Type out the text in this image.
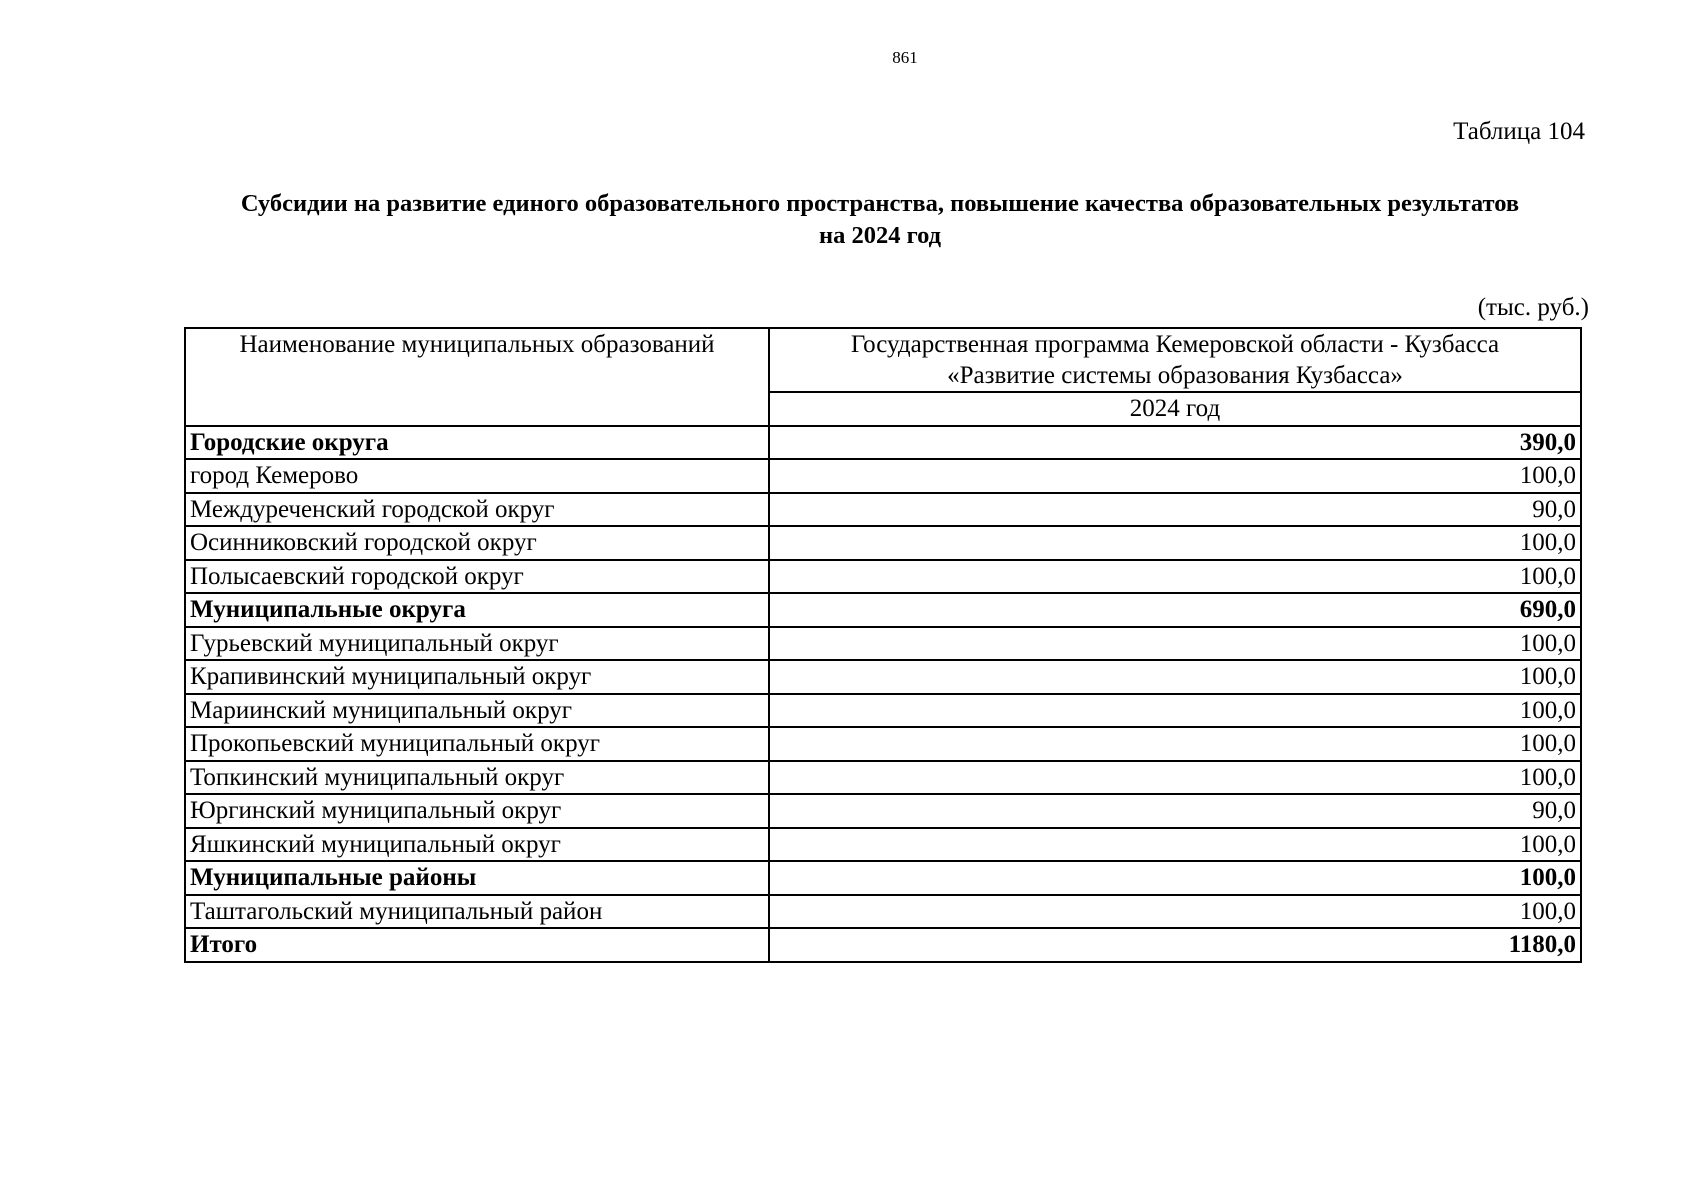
861
Таблица 104
Субсидии на развитие единого образовательного пространства, повышение качества образовательных результатов
на 2024 год
(тыс. руб.)
Наименование муниципальных образований	Государственная программа Кемеровской области - Кузбасса
«Развитие системы образования Кузбасса»

	2024 год
Городские округа	390,0
город Кемерово	100,0
Междуреченский городской округ	90,0
Осинниковский городской округ	100,0
Полысаевский городской округ	100,0
Муниципальные округа	690,0
Гурьевский муниципальный округ	100,0
Крапивинский муниципальный округ	100,0
Мариинский муниципальный округ	100,0
Прокопьевский муниципальный округ	100,0
Топкинский муниципальный округ	100,0
Юргинский муниципальный округ	90,0
Яшкинский муниципальный округ	100,0
Муниципальные районы	100,0
Таштагольский муниципальный район	100,0
Итого	1180,0
